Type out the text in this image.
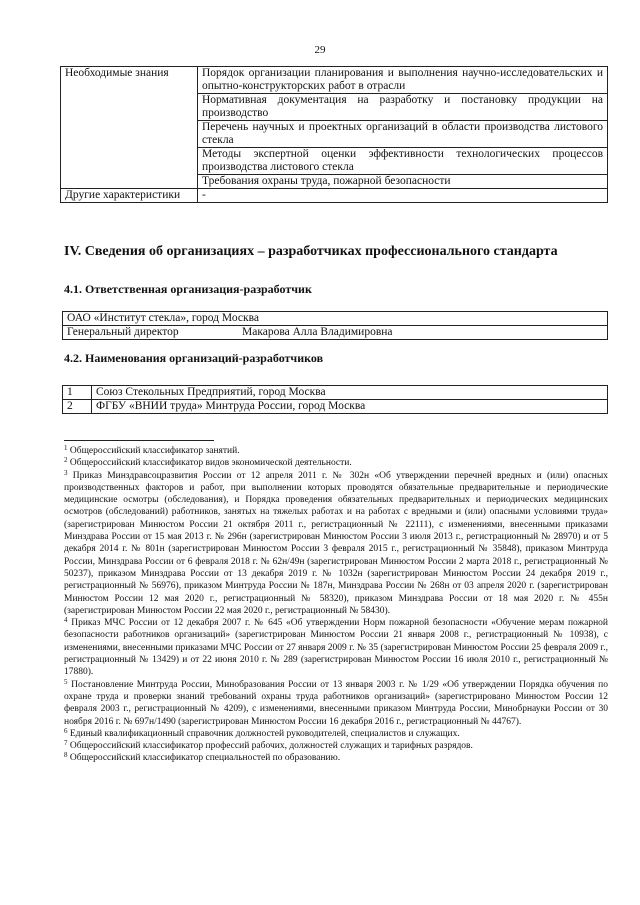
29
Необходимые знания	Порядок организации планирования и выполнения научно-исследовательских и опытно-конструкторских работ в отрасли
	Нормативная документация на разработку и постановку продукции на производство
	Перечень научных и проектных организаций в области производства листового стекла
	Методы экспертной оценки эффективности технологических процессов производства листового стекла
	Требования охраны труда, пожарной безопасности
Другие характеристики	-
IV. Сведения об организациях – разработчиках профессионального стандарта
4.1. Ответственная организация-разработчик
ОАО «Институт стекла», город Москва
Генеральный директор	Макарова Алла Владимировна
4.2. Наименования организаций-разработчиков
1	Союз Стекольных Предприятий, город Москва
2	ФГБУ «ВНИИ труда» Минтруда России, город Москва

$^1$ Общероссийский классификатор занятий.

$^2$ Общероссийский классификатор видов экономической деятельности.

$^3$ Приказ Минздравсоцразвития России от 12 апреля 2011 г. № 302н «Об утверждении перечней вредных и (или) опасных производственных факторов и работ, при выполнении которых проводятся обязательные предварительные и периодические медицинские осмотры (обследования), и Порядка проведения обязательных предварительных и периодических медицинских осмотров (обследований) работников, занятых на тяжелых работах и на работах с вредными и (или) опасными условиями труда» (зарегистрирован Минюстом России 21 октября 2011 г., регистрационный № 22111), с изменениями, внесенными приказами Минздрава России от 15 мая 2013 г. № 296н (зарегистрирован Минюстом России 3 июля 2013 г., регистрационный № 28970) и от 5 декабря 2014 г. № 801н (зарегистрирован Минюстом России 3 февраля 2015 г., регистрационный № 35848), приказом Минтруда России, Минздрава России от 6 февраля 2018 г. № 62н/49н (зарегистрирован Минюстом России 2 марта 2018 г., регистрационный № 50237), приказом Минздрава России от 13 декабря 2019 г. № 1032н (зарегистрирован Минюстом России 24 декабря 2019 г., регистрационный № 56976), приказом Минтруда России № 187н, Минздрава России № 268н от 03 апреля 2020 г. (зарегистрирован Минюстом России 12 мая 2020 г., регистрационный № 58320), приказом Минздрава России от 18 мая 2020 г. № 455н (зарегистрирован Минюстом России 22 мая 2020 г., регистрационный № 58430).

$^4$ Приказ МЧС России от 12 декабря 2007 г. № 645 «Об утверждении Норм пожарной безопасности «Обучение мерам пожарной безопасности работников организаций» (зарегистрирован Минюстом России 21 января 2008 г., регистрационный № 10938), с изменениями, внесенными приказами МЧС России от 27 января 2009 г. № 35 (зарегистрирован Минюстом России 25 февраля 2009 г., регистрационный № 13429) и от 22 июня 2010 г. № 289 (зарегистрирован Минюстом России 16 июля 2010 г., регистрационный № 17880).

$^5$ Постановление Минтруда России, Минобразования России от 13 января 2003 г. № 1/29 «Об утверждении Порядка обучения по охране труда и проверки знаний требований охраны труда работников организаций» (зарегистрировано Минюстом России 12 февраля 2003 г., регистрационный № 4209), с изменениями, внесенными приказом Минтруда России, Минобрнауки России от 30 ноября 2016 г. № 697н/1490 (зарегистрирован Минюстом России 16 декабря 2016 г., регистрационный № 44767).

$^6$ Единый квалификационный справочник должностей руководителей, специалистов и служащих.

$^7$ Общероссийский классификатор профессий рабочих, должностей служащих и тарифных разрядов.

$^8$ Общероссийский классификатор специальностей по образованию.
